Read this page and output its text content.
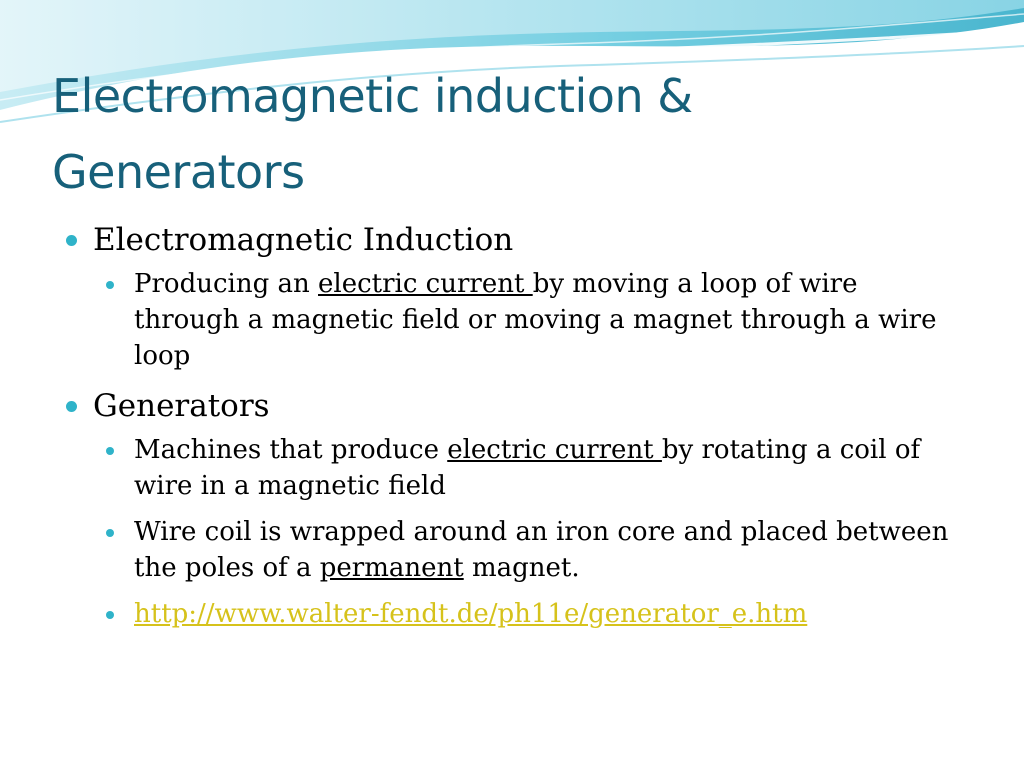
Electromagnetic induction &
Generators
Electromagnetic Induction
Producing an electric current by moving a loop of wire through a magnetic field or moving a magnet through a wire loop
Generators
Machines that produce electric current by rotating a coil of wire in a magnetic field
Wire coil is wrapped around an iron core and placed between the poles of a permanent magnet.
http://www.walter-fendt.de/ph11e/generator_e.htm
